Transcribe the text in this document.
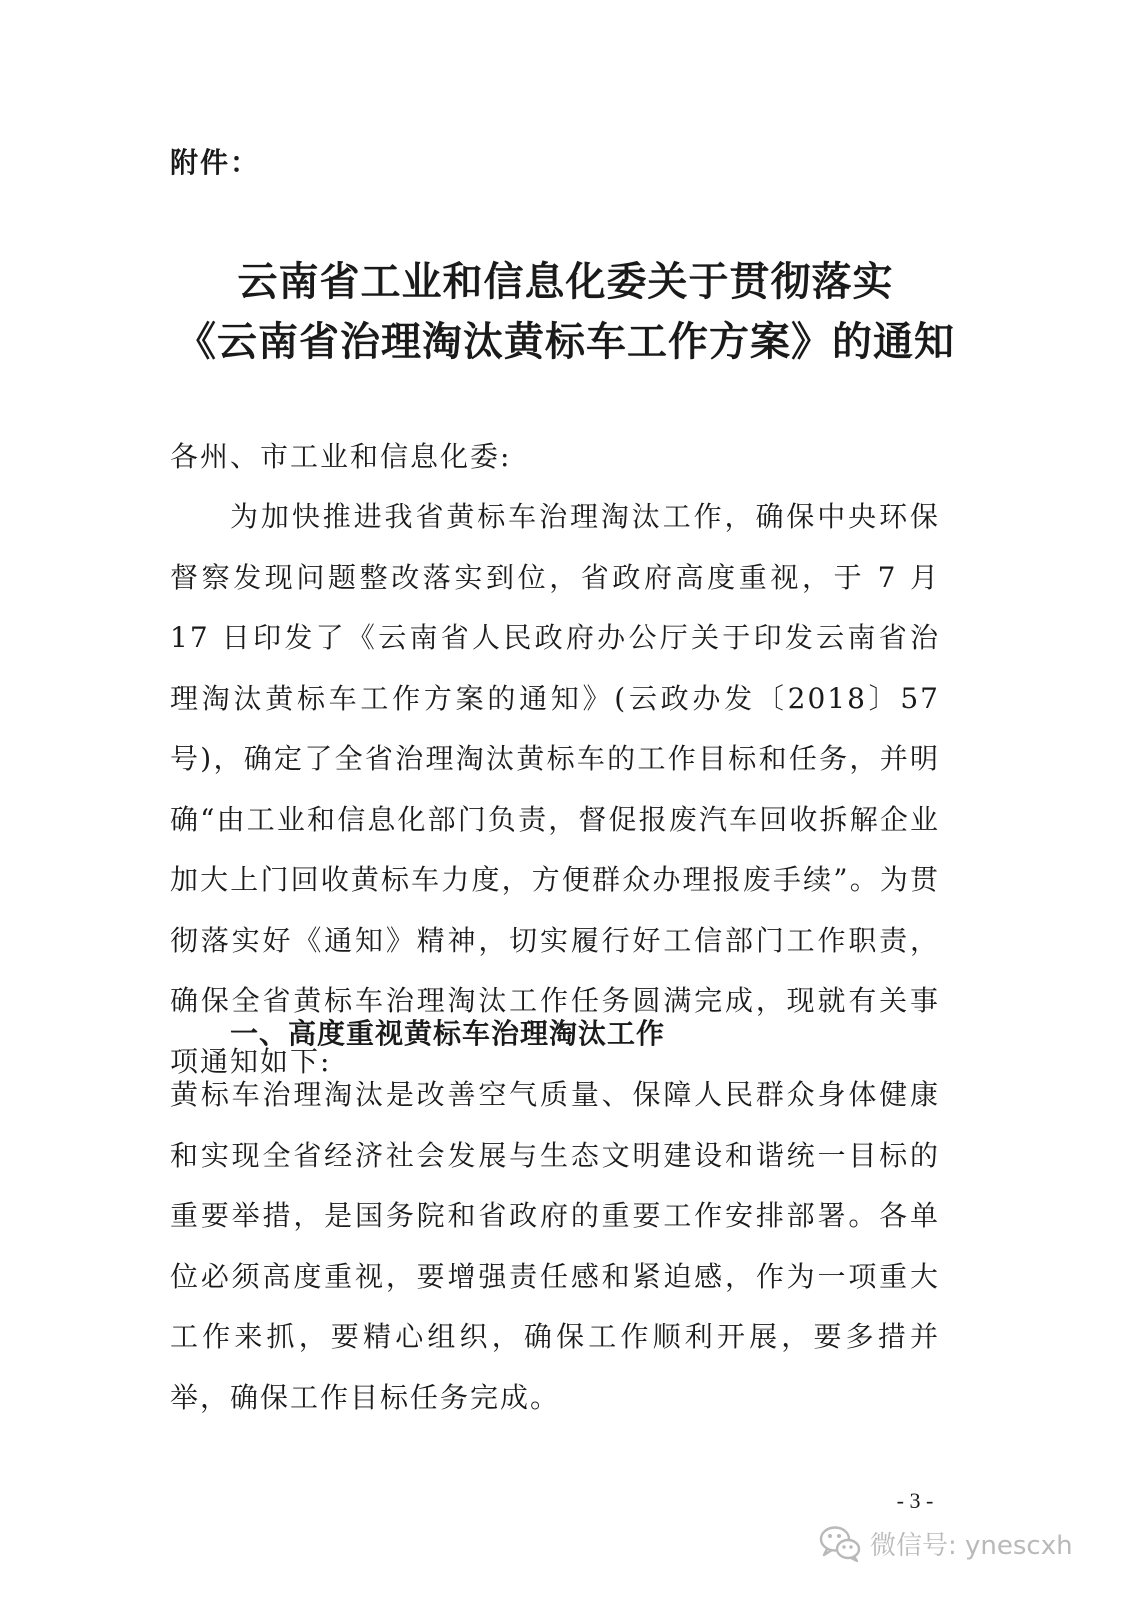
附件：
云南省工业和信息化委关于贯彻落实
《云南省治理淘汰黄标车工作方案》的通知
各州、市工业和信息化委:
为加快推进我省黄标车治理淘汰工作，确保中央环保督察发现问题整改落实到位，省政府高度重视，于 7 月 17 日印发了《云南省人民政府办公厅关于印发云南省治理淘汰黄标车工作方案的通知》(云政办发〔2018〕57 号)，确定了全省治理淘汰黄标车的工作目标和任务，并明确“由工业和信息化部门负责，督促报废汽车回收拆解企业加大上门回收黄标车力度，方便群众办理报废手续”。为贯彻落实好《通知》精神，切实履行好工信部门工作职责，确保全省黄标车治理淘汰工作任务圆满完成，现就有关事项通知如下:
一、高度重视黄标车治理淘汰工作
黄标车治理淘汰是改善空气质量、保障人民群众身体健康和实现全省经济社会发展与生态文明建设和谐统一目标的重要举措，是国务院和省政府的重要工作安排部署。各单位必须高度重视，要增强责任感和紧迫感，作为一项重大工作来抓，要精心组织，确保工作顺利开展，要多措并举，确保工作目标任务完成。
- 3 -
微信号: ynescxh
